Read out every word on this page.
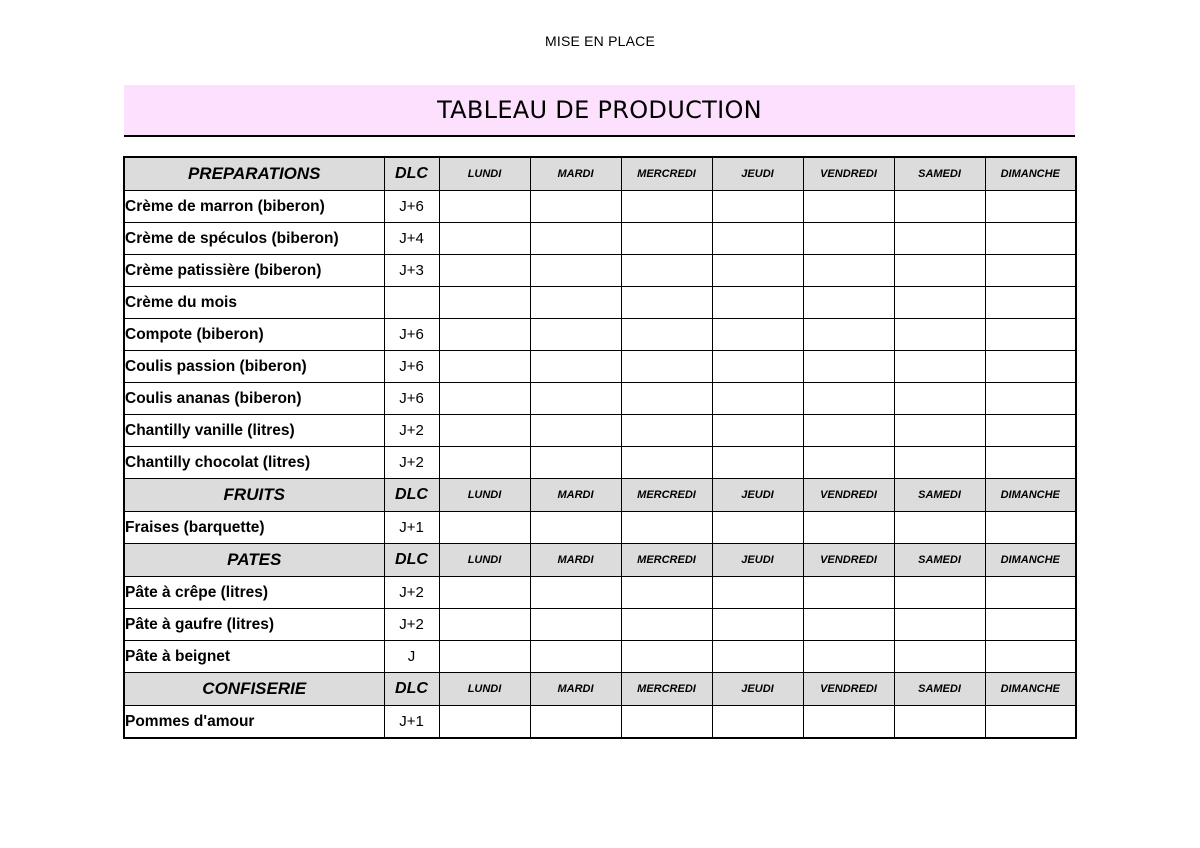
MISE EN PLACE
TABLEAU DE PRODUCTION
PREPARATIONS	DLC	LUNDI	MARDI	MERCREDI	JEUDI	VENDREDI	SAMEDI	DIMANCHE
Crème de marron (biberon)	J+6							
Crème de spéculos (biberon)	J+4							
Crème patissière (biberon)	J+3							
Crème du mois								
Compote (biberon)	J+6							
Coulis passion (biberon)	J+6							
Coulis ananas (biberon)	J+6							
Chantilly vanille (litres)	J+2							
Chantilly chocolat (litres)	J+2							
FRUITS	DLC	LUNDI	MARDI	MERCREDI	JEUDI	VENDREDI	SAMEDI	DIMANCHE
Fraises (barquette)	J+1							
PATES	DLC	LUNDI	MARDI	MERCREDI	JEUDI	VENDREDI	SAMEDI	DIMANCHE
Pâte à crêpe (litres)	J+2							
Pâte à gaufre (litres)	J+2							
Pâte à beignet	J							
CONFISERIE	DLC	LUNDI	MARDI	MERCREDI	JEUDI	VENDREDI	SAMEDI	DIMANCHE
Pommes d'amour	J+1							
